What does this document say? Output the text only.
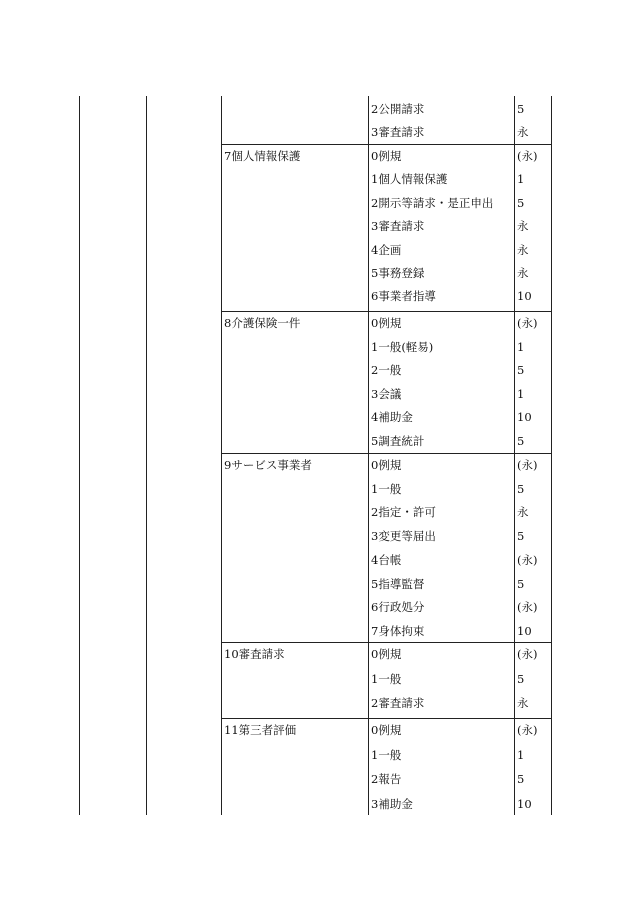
2公開請求	5
3審査請求	永
7個人情報保護	0例規	(永)
1個人情報保護	1
2開示等請求・是正申出 5
3審査請求	永
4企画	永
5事務登録	永
6事業者指導	10
8介護保険一件	0例規	(永)
1一般(軽易)	1
2一般	5
3会議	1
4補助金	10
5調査統計	5
9サービス事業者	0例規	(永)
1一般	5
2指定・許可	永
3変更等届出	5
4台帳	(永)
5指導監督	5
6行政処分	(永)
7身体拘束	10
10審査請求	0例規	(永)
1一般	5
2審査請求	永
11第三者評価	0例規	(永)
1一般	1
2報告	5
3補助金	10
